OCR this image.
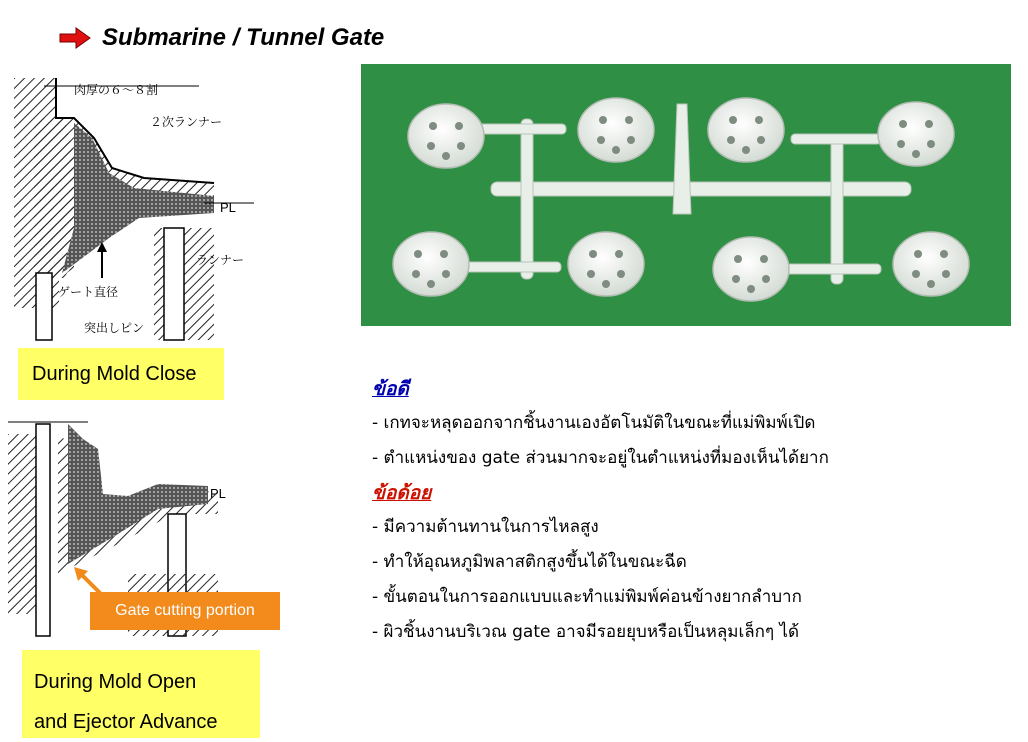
Submarine / Tunnel Gate
肉厚の６～８割
２次ランナー
PL
ランナー
ゲート直径
突出しピン
During Mold Close
PL
Gate cutting portion
During Mold Open
and Ejector Advance
ข้อดี
- เกทจะหลุดออกจากชิ้นงานเองอัตโนมัติในขณะที่แม่พิมพ์เปิด
- ตำแหน่งของ gate ส่วนมากจะอยู่ในตำแหน่งที่มองเห็นได้ยาก
ข้อด้อย
- มีความต้านทานในการไหลสูง
- ทำให้อุณหภูมิพลาสติกสูงขึ้นได้ในขณะฉีด
- ขั้นตอนในการออกแบบและทำแม่พิมพ์ค่อนข้างยากลำบาก
- ผิวชิ้นงานบริเวณ gate อาจมีรอยยุบหรือเป็นหลุมเล็กๆ ได้
